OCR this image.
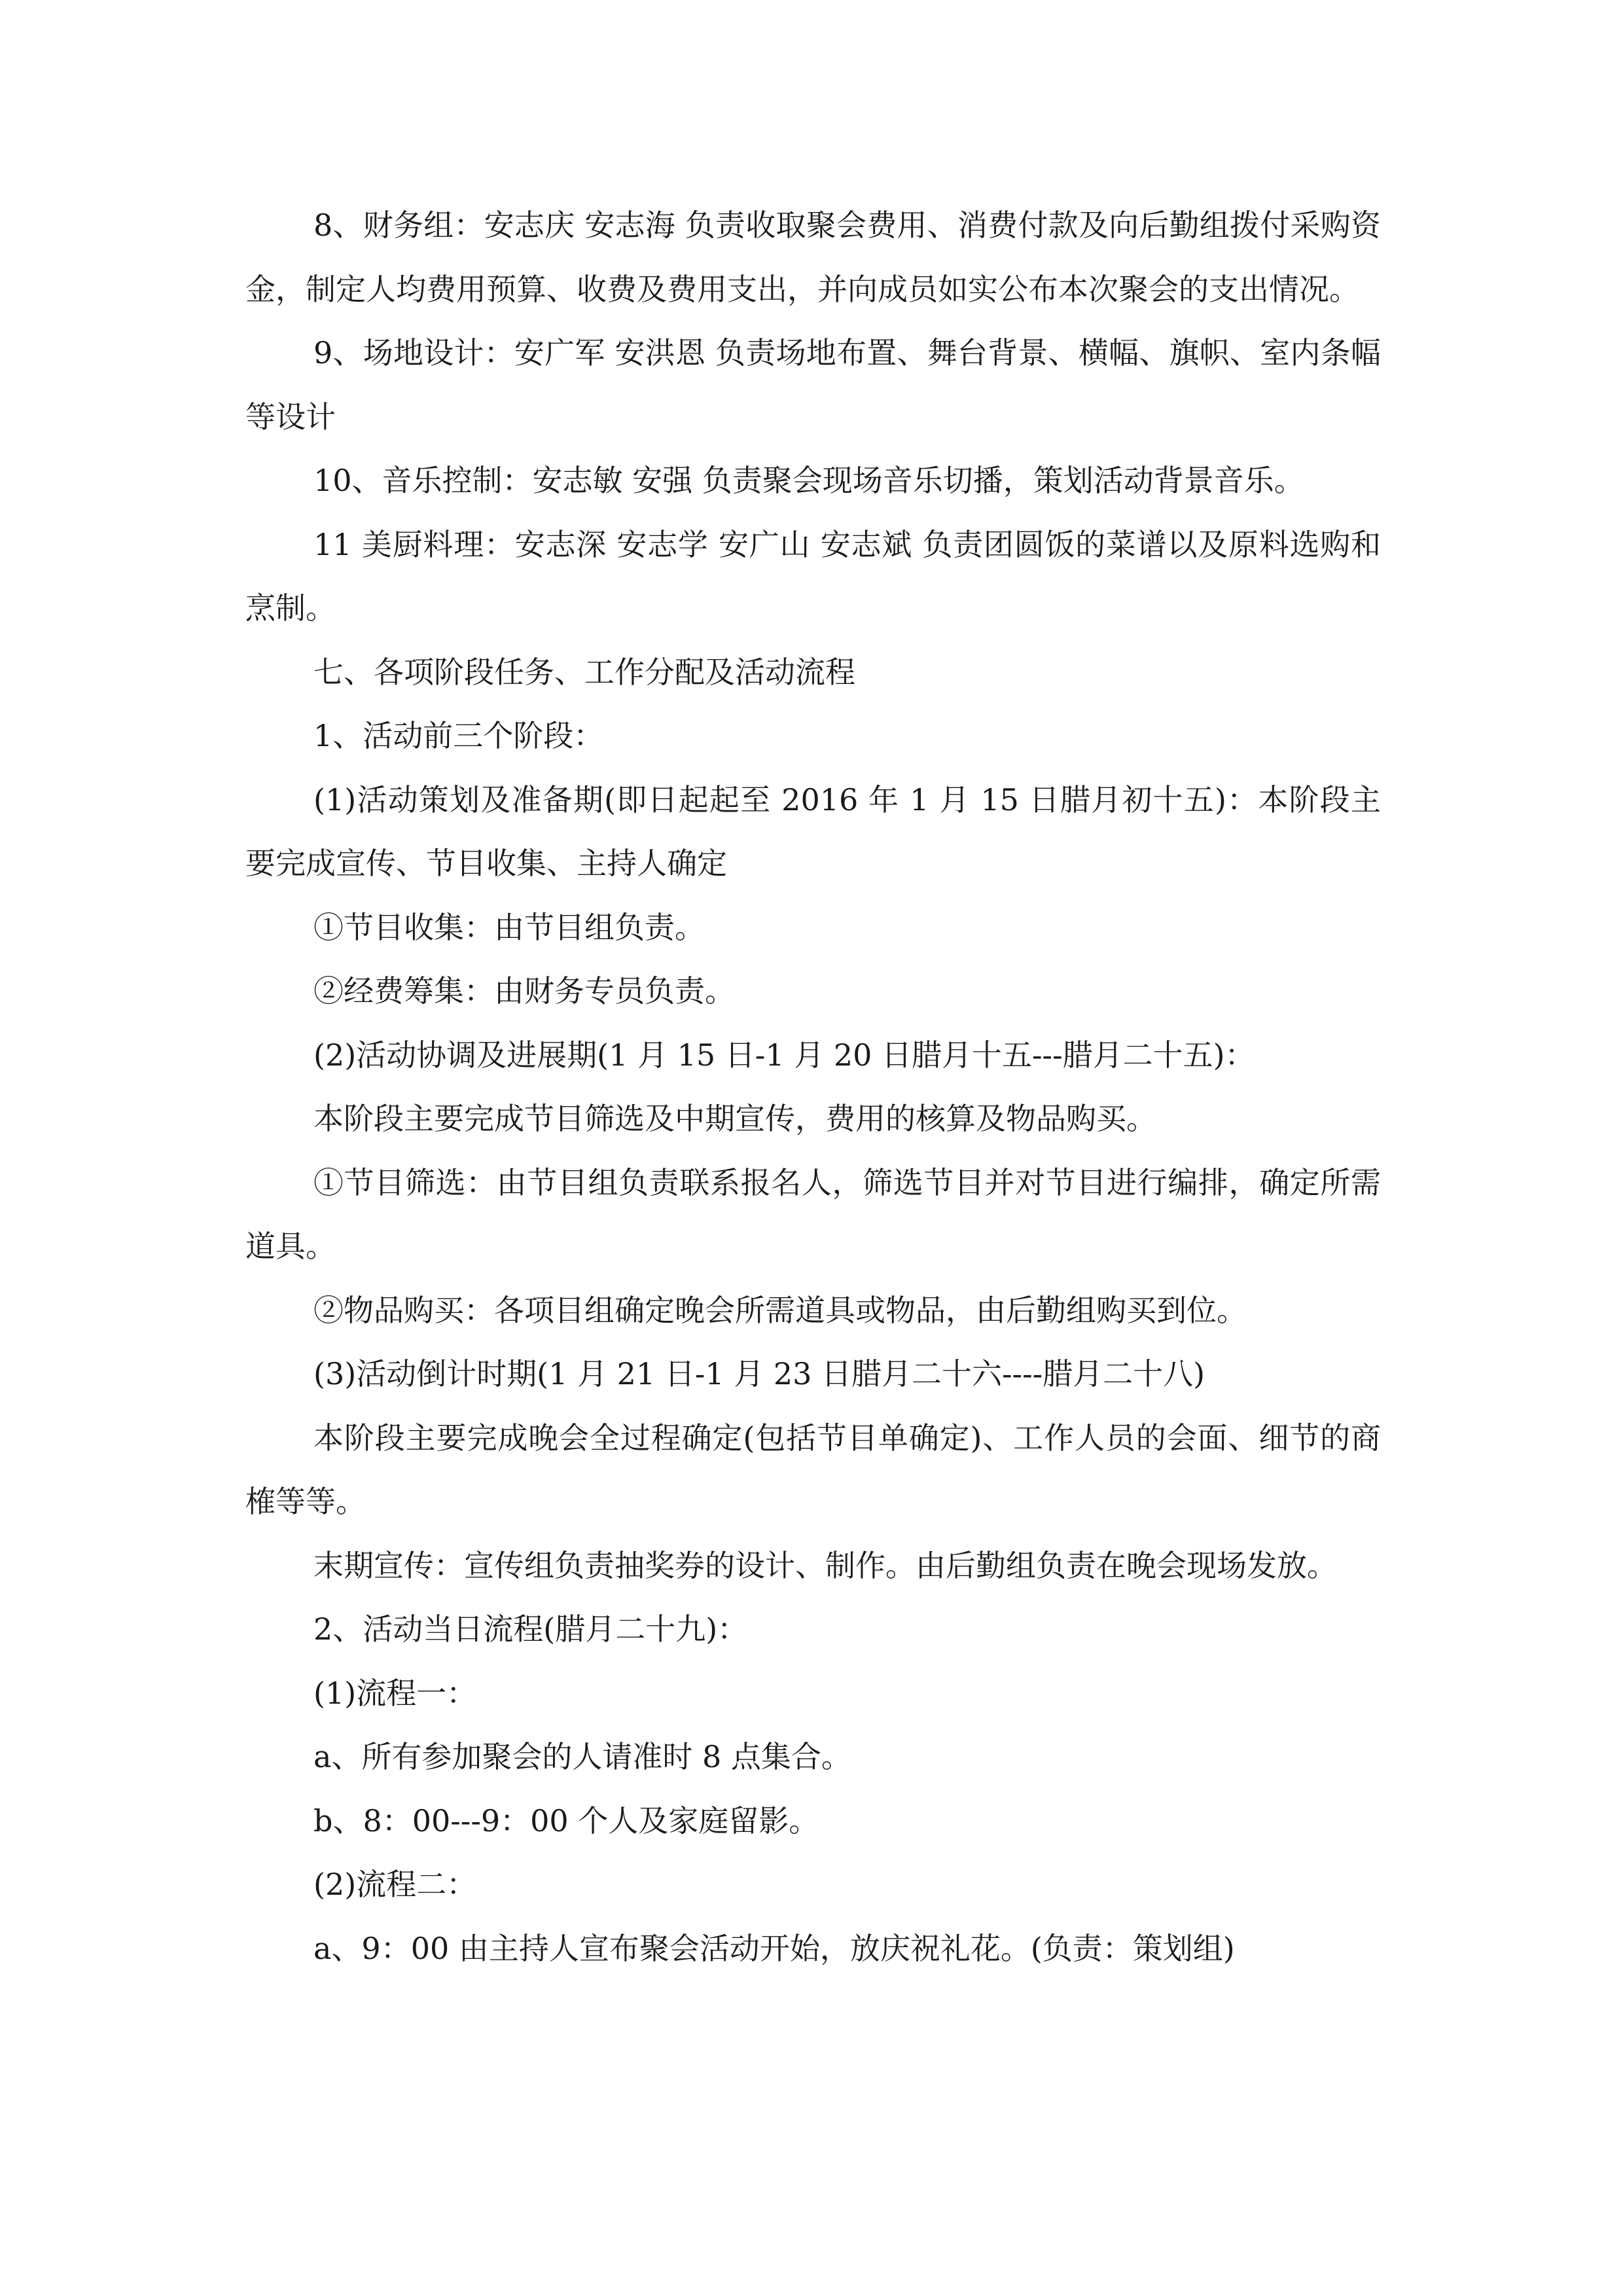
8、财务组：安志庆 安志海 负责收取聚会费用、消费付款及向后勤组拨付采购资金，制定人均费用预算、收费及费用支出，并向成员如实公布本次聚会的支出情况。

9、场地设计：安广军 安洪恩 负责场地布置、舞台背景、横幅、旗帜、室内条幅等设计

10、音乐控制：安志敏 安强 负责聚会现场音乐切播，策划活动背景音乐。

11 美厨料理：安志深 安志学 安广山 安志斌 负责团圆饭的菜谱以及原料选购和烹制。

七、各项阶段任务、工作分配及活动流程

1、活动前三个阶段：

(1)活动策划及准备期(即日起起至 2016 年 1 月 15 日腊月初十五)：本阶段主要完成宣传、节目收集、主持人确定

①节目收集：由节目组负责。

②经费筹集：由财务专员负责。

(2)活动协调及进展期(1 月 15 日-1 月 20 日腊月十五---腊月二十五)：

本阶段主要完成节目筛选及中期宣传，费用的核算及物品购买。

①节目筛选：由节目组负责联系报名人，筛选节目并对节目进行编排，确定所需道具。

②物品购买：各项目组确定晚会所需道具或物品，由后勤组购买到位。

(3)活动倒计时期(1 月 21 日-1 月 23 日腊月二十六----腊月二十八)

本阶段主要完成晚会全过程确定(包括节目单确定)、工作人员的会面、细节的商榷等等。

末期宣传：宣传组负责抽奖券的设计、制作。由后勤组负责在晚会现场发放。

2、活动当日流程(腊月二十九)：

(1)流程一：

a、所有参加聚会的人请准时 8 点集合。

b、8：00---9：00 个人及家庭留影。

(2)流程二：

a、9：00 由主持人宣布聚会活动开始，放庆祝礼花。(负责：策划组)
